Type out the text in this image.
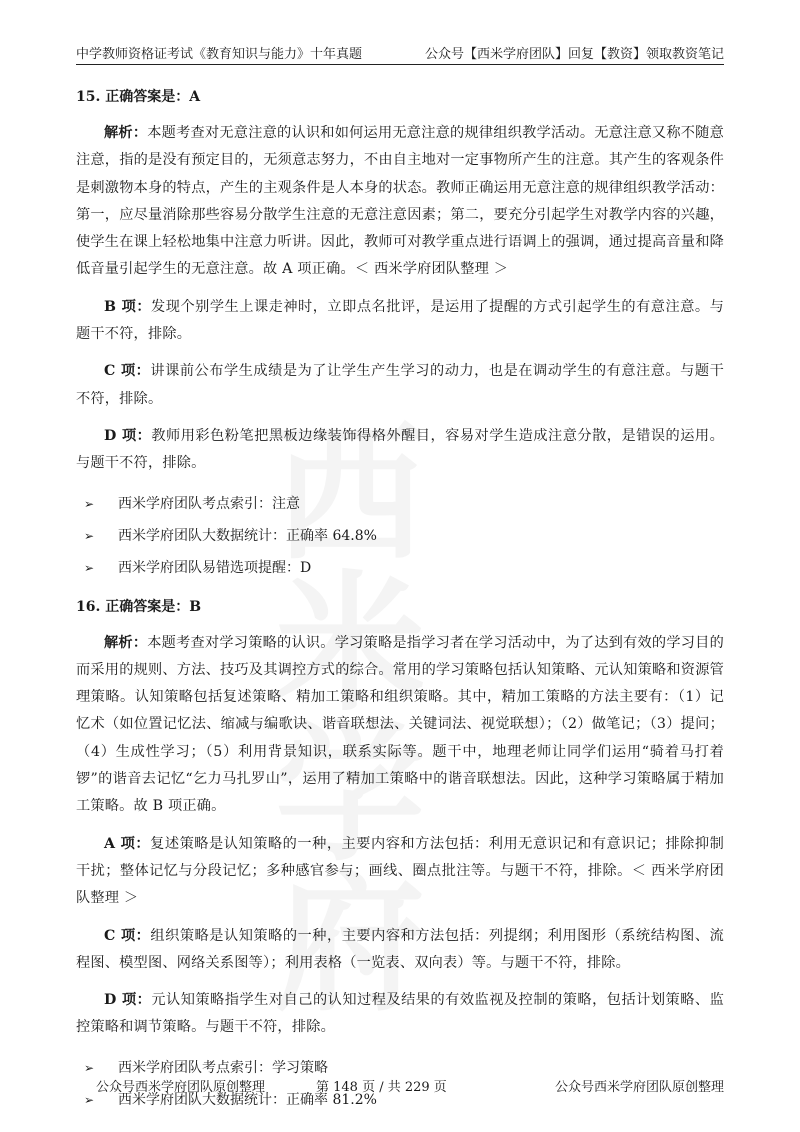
中学教师资格证考试《教育知识与能力》十年真题	公众号【西米学府团队】回复【教资】领取教资笔记
15. 正确答案是：A

解析：本题考查对无意注意的认识和如何运用无意注意的规律组织教学活动。无意注意又称不随意注意，指的是没有预定目的，无须意志努力，不由自主地对一定事物所产生的注意。其产生的客观条件是刺激物本身的特点，产生的主观条件是人本身的状态。教师正确运用无意注意的规律组织教学活动：第一，应尽量消除那些容易分散学生注意的无意注意因素；第二，要充分引起学生对教学内容的兴趣，使学生在课上轻松地集中注意力听讲。因此，教师可对教学重点进行语调上的强调，通过提高音量和降低音量引起学生的无意注意。故 A 项正确。＜ 西米学府团队整理 ＞

B 项：发现个别学生上课走神时，立即点名批评，是运用了提醒的方式引起学生的有意注意。与题干不符，排除。

C 项：讲课前公布学生成绩是为了让学生产生学习的动力，也是在调动学生的有意注意。与题干不符，排除。

D 项：教师用彩色粉笔把黑板边缘装饰得格外醒目，容易对学生造成注意分散，是错误的运用。与题干不符，排除。

➢ 西米学府团队考点索引：注意
➢ 西米学府团队大数据统计：正确率 64.8%
➢ 西米学府团队易错选项提醒：D
16. 正确答案是：B

解析：本题考查对学习策略的认识。学习策略是指学习者在学习活动中，为了达到有效的学习目的而采用的规则、方法、技巧及其调控方式的综合。常用的学习策略包括认知策略、元认知策略和资源管理策略。认知策略包括复述策略、精加工策略和组织策略。其中，精加工策略的方法主要有：（1）记忆术（如位置记忆法、缩减与编歌诀、谐音联想法、关键词法、视觉联想）；（2）做笔记；（3）提问；（4）生成性学习；（5）利用背景知识，联系实际等。题干中，地理老师让同学们运用“骑着马打着锣”的谐音去记忆“乞力马扎罗山”，运用了精加工策略中的谐音联想法。因此，这种学习策略属于精加工策略。故 B 项正确。

A 项：复述策略是认知策略的一种，主要内容和方法包括：利用无意识记和有意识记；排除抑制干扰；整体记忆与分段记忆；多种感官参与；画线、圈点批注等。与题干不符，排除。＜ 西米学府团队整理 ＞

C 项：组织策略是认知策略的一种，主要内容和方法包括：列提纲；利用图形（系统结构图、流程图、模型图、网络关系图等）；利用表格（一览表、双向表）等。与题干不符，排除。

D 项：元认知策略指学生对自己的认知过程及结果的有效监视及控制的策略，包括计划策略、监控策略和调节策略。与题干不符，排除。

➢ 西米学府团队考点索引：学习策略
➢ 西米学府团队大数据统计：正确率 81.2%
公众号西米学府团队原创整理	第 148 页 / 共 229 页	公众号西米学府团队原创整理
